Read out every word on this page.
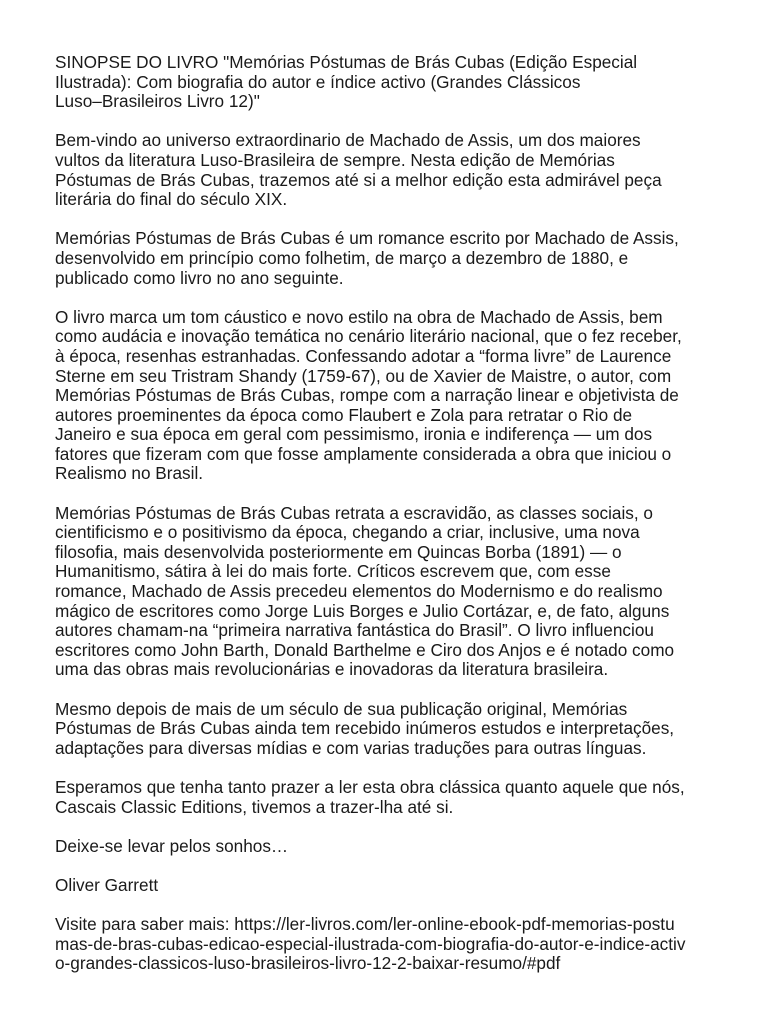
SINOPSE DO LIVRO "Memórias Póstumas de Brás Cubas (Edição Especial
Ilustrada): Com biografia do autor e índice activo (Grandes Clássicos
Luso–Brasileiros Livro 12)"

Bem-vindo ao universo extraordinario de Machado de Assis, um dos maiores
vultos da literatura Luso-Brasileira de sempre. Nesta edição de Memórias
Póstumas de Brás Cubas, trazemos até si a melhor edição esta admirável peça
literária do final do século XIX.

Memórias Póstumas de Brás Cubas é um romance escrito por Machado de Assis,
desenvolvido em princípio como folhetim, de março a dezembro de 1880, e
publicado como livro no ano seguinte.

O livro marca um tom cáustico e novo estilo na obra de Machado de Assis, bem
como audácia e inovação temática no cenário literário nacional, que o fez receber,
à época, resenhas estranhadas. Confessando adotar a “forma livre” de Laurence
Sterne em seu Tristram Shandy (1759-67), ou de Xavier de Maistre, o autor, com
Memórias Póstumas de Brás Cubas, rompe com a narração linear e objetivista de
autores proeminentes da época como Flaubert e Zola para retratar o Rio de
Janeiro e sua época em geral com pessimismo, ironia e indiferença — um dos
fatores que fizeram com que fosse amplamente considerada a obra que iniciou o
Realismo no Brasil.

Memórias Póstumas de Brás Cubas retrata a escravidão, as classes sociais, o
cientificismo e o positivismo da época, chegando a criar, inclusive, uma nova
filosofia, mais desenvolvida posteriormente em Quincas Borba (1891) — o
Humanitismo, sátira à lei do mais forte. Críticos escrevem que, com esse
romance, Machado de Assis precedeu elementos do Modernismo e do realismo
mágico de escritores como Jorge Luis Borges e Julio Cortázar, e, de fato, alguns
autores chamam-na “primeira narrativa fantástica do Brasil”. O livro influenciou
escritores como John Barth, Donald Barthelme e Ciro dos Anjos e é notado como
uma das obras mais revolucionárias e inovadoras da literatura brasileira.

Mesmo depois de mais de um século de sua publicação original, Memórias
Póstumas de Brás Cubas ainda tem recebido inúmeros estudos e interpretações,
adaptações para diversas mídias e com varias traduções para outras línguas.

Esperamos que tenha tanto prazer a ler esta obra clássica quanto aquele que nós,
Cascais Classic Editions, tivemos a trazer-lha até si.

Deixe-se levar pelos sonhos…

Oliver Garrett

Visite para saber mais: https://ler-livros.com/ler-online-ebook-pdf-memorias-postu
mas-de-bras-cubas-edicao-especial-ilustrada-com-biografia-do-autor-e-indice-activ
o-grandes-classicos-luso-brasileiros-livro-12-2-baixar-resumo/#pdf
